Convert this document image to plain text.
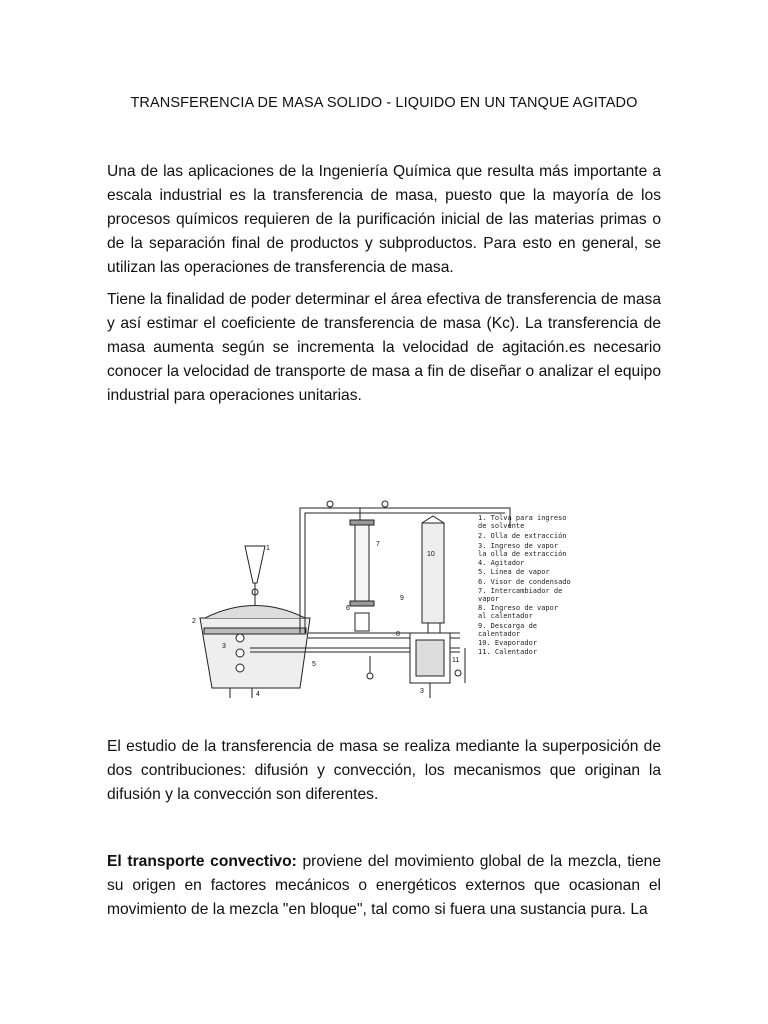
TRANSFERENCIA DE MASA SOLIDO - LIQUIDO EN UN TANQUE AGITADO

Una de las aplicaciones de la Ingeniería Química que resulta más importante a escala industrial es la transferencia de masa, puesto que la mayoría de los procesos químicos requieren de la purificación inicial de las materias primas o de la separación final de productos y subproductos. Para esto en general, se utilizan las operaciones de transferencia de masa.

Tiene la finalidad de poder determinar el área efectiva de transferencia de masa y así estimar el coeficiente de transferencia de masa (Kc). La transferencia de masa aumenta según se incrementa la velocidad de agitación.es necesario conocer la velocidad de transporte de masa a fin de diseñar o analizar el equipo industrial para operaciones unitarias.

1
2
3
3
4
5
6
7
8
9
10
11
1. Tolva para ingreso
de solvente
2. Olla de extracción
3. Ingreso de vapor
la olla de extracción
4. Agitador
5. Línea de vapor
6. Visor de condensado
7. Intercambiador de
vapor
8. Ingreso de vapor
al calentador
9. Descarga de
calentador
10. Evaporador
11. Calentador

El estudio de la transferencia de masa se realiza mediante la superposición de dos contribuciones: difusión y convección, los mecanismos que originan la difusión y la convección son diferentes.

El transporte convectivo: proviene del movimiento global de la mezcla, tiene su origen en factores mecánicos o energéticos externos que ocasionan el movimiento de la mezcla "en bloque", tal como si fuera una sustancia pura. La
